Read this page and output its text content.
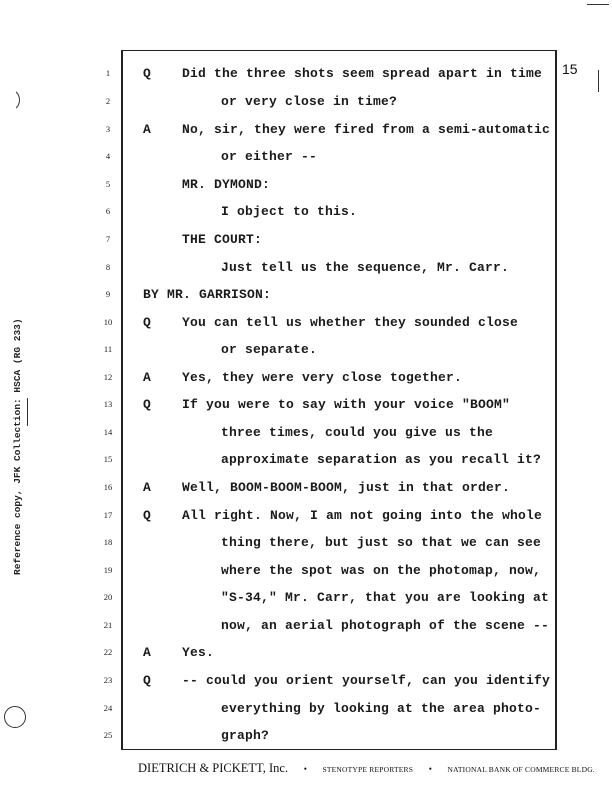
15
Reference copy, JFK Collection: HSCA (RG 233)
1	Q Did the three shots seem spread apart in time
2	or very close in time?
3	A No, sir, they were fired from a semi-automatic
4	or either --
5	MR. DYMOND:
6	I object to this.
7	THE COURT:
8	Just tell us the sequence, Mr. Carr.
9	BY MR. GARRISON:
10	Q You can tell us whether they sounded close
11	or separate.
12	A Yes, they were very close together.
13	Q If you were to say with your voice "BOOM"
14	three times, could you give us the
15	approximate separation as you recall it?
16	A Well, BOOM-BOOM-BOOM, just in that order.
17	Q All right. Now, I am not going into the whole
18	thing there, but just so that we can see
19	where the spot was on the photomap, now,
20	"S-34," Mr. Carr, that you are looking at
21	now, an aerial photograph of the scene --
22	A Yes.
23	Q -- could you orient yourself, can you identify
24	everything by looking at the area photo-
25	graph?
DIETRICH & PICKETT, Inc. • STENOTYPE REPORTERS • NATIONAL BANK OF COMMERCE BLDG.
